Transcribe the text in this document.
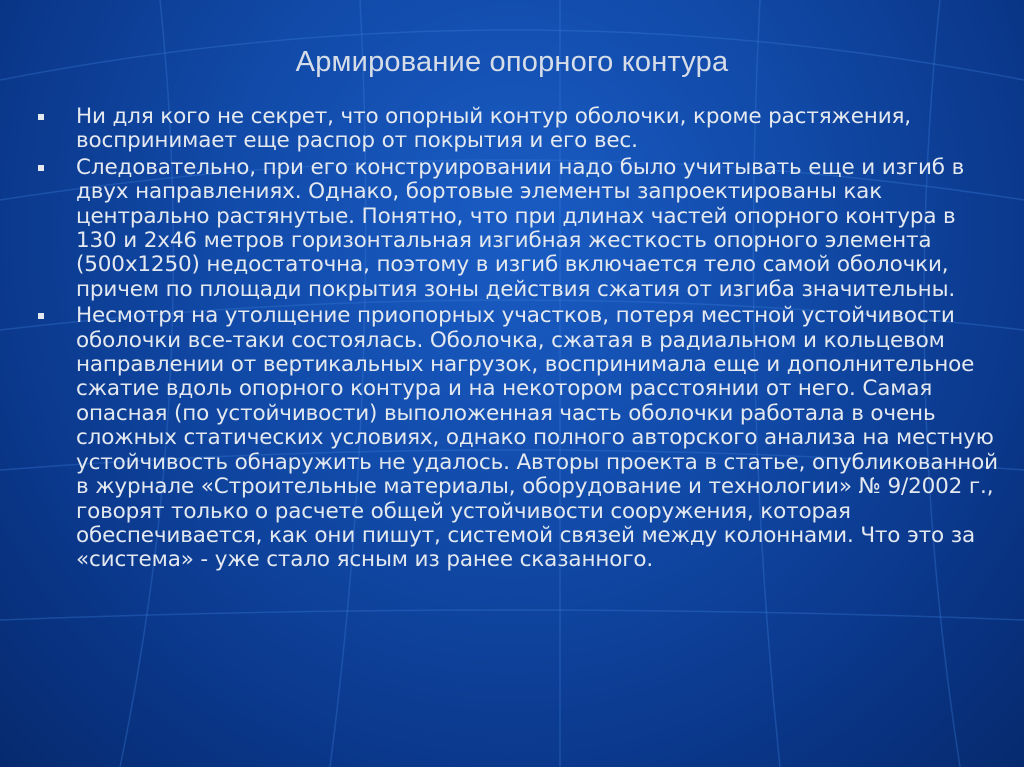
Армирование опорного контура
Ни для кого не секрет, что опорный контур оболочки, кроме растяжения, воспринимает еще распор от покрытия и его вес.
Следовательно, при его конструировании надо было учитывать еще и изгиб в двух направлениях. Однако, бортовые элементы запроектированы как центрально растянутые. Понятно, что при длинах частей опорного контура в 130 и 2х46 метров горизонтальная изгибная жесткость опорного элемента (500х1250) недостаточна, поэтому в изгиб включается тело самой оболочки, причем по площади покрытия зоны действия сжатия от изгиба значительны.
Несмотря на утолщение приопорных участков, потеря местной устойчивости оболочки все-таки состоялась. Оболочка, сжатая в радиальном и кольцевом направлении от вертикальных нагрузок, воспринимала еще и дополнительное сжатие вдоль опорного контура и на некотором расстоянии от него. Самая опасная (по устойчивости) выположенная часть оболочки работала в очень сложных статических условиях, однако полного авторского анализа на местную устойчивость обнаружить не удалось. Авторы проекта в статье, опубликованной в журнале «Строительные материалы, оборудование и технологии» № 9/2002 г., говорят только о расчете общей устойчивости сооружения, которая обеспечивается, как они пишут, системой связей между колоннами. Что это за «система» - уже стало ясным из ранее сказанного.
